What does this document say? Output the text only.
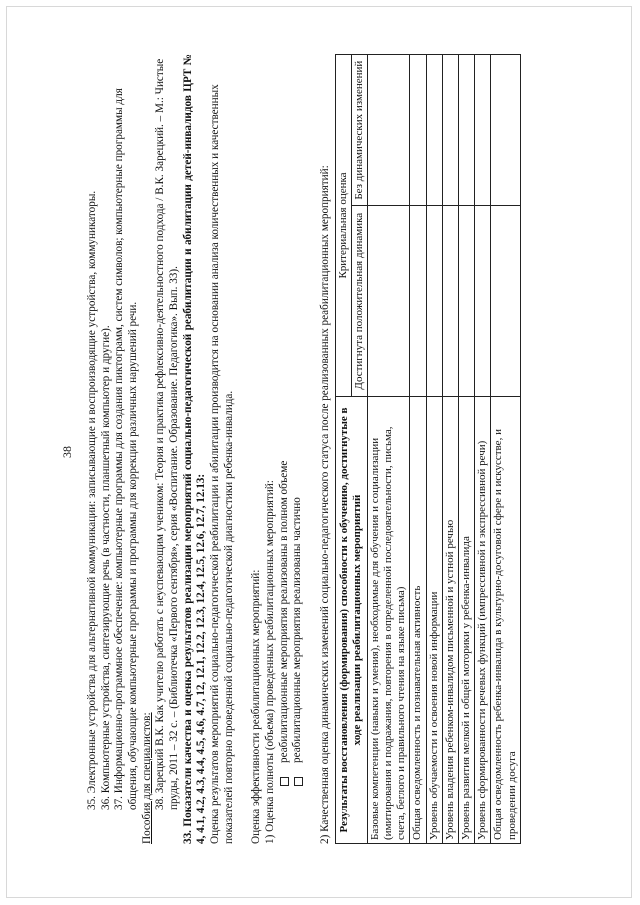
38 35. Электронные устройства для альтернативной коммуникации: записывающие и воспроизводящие устройства, коммуникаторы. 36. Компьютерные устройства, синтезирующие речь (в частности, планшетный компьютер и другие). 37. Информационно-программное обеспечение: компьютерные программы для создания пиктограмм, систем символов; компьютерные программы для общения, обучающие компьютерные программы и программы для коррекции различных нарушений речи. Пособия для специалистов: 38. Зарецкий В.К. Как учителю работать с неуспевающим учеником: Теория и практика рефлексивно-деятельностного подхода / В.К. Зарецкий. – М.: Чистые пруды, 2011 – 32 с. – (Библиотечка «Первого сентября», серия «Воспитание. Образование. Педагогика». Вып. 33). 33. Показатели качества и оценка результатов реализации мероприятий социально-педагогической реабилитации и абилитации детей-инвалидов ЦРТ № 4, 4.1, 4.2, 4.3, 4.4, 4.5, 4.6, 4.7, 12, 12.1, 12.2, 12.3, 12.4, 12.5, 12.6, 12.7, 12.13: Оценка результатов мероприятий социально-педагогической реабилитации и абилитации производится на основании анализа количественных и качественных показателей повторно проведенной социально-педагогической диагностики ребенка-инвалида. Оценка эффективности реабилитационных мероприятий: 1) Оценка полноты (объема) проведенных реабилитационных мероприятий: реабилитационные мероприятия реализованы в полном объеме реабилитационные мероприятия реализованы частично 2) Качественная оценка динамических изменений социально-педагогического статуса после реализованных реабилитационных мероприятий: Результаты восстановления (формирования) способности к обучению, достигнутые в ходе реализации реабилитационных мероприятий	Критериальная оценка	
	Достигнута положительная динамика	Без динамических изменений
Базовые компетенции (навыки и умения), необходимые для обучения и социализации (имитирования и подражания, повторения в определенной последовательности, письма, счета, беглого и правильного чтения на языке письма)		
Общая осведомленность и познавательная активность		
Уровень обучаемости и освоения новой информации		
Уровень владения ребенком-инвалидом письменной и устной речью		
Уровень развития мелкой и общей моторики у ребенка-инвалида		
Уровень сформированности речевых функций (импрессивной и экспрессивной речи)		
Общая осведомленность ребенка-инвалида в культурно-досуговой сфере и искусстве, и проведении досуга		
